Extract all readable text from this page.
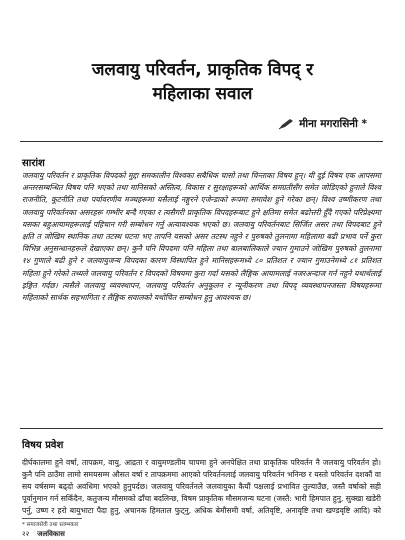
जलवायु परिवर्तन, प्राकृतिक विपद् र
महिलाका सवाल
मीना मगरासिनी *
सारांश
जलवायु परिवर्तन र प्राकृतिक विपदको मुद्दा समकालीन विश्वका सबैधिक चासो तथा चिन्ताका विषय हुन्। यी दुई विषय एक आपसमा अन्तरसम्बन्धित विषय पनि भएको तथा मानिसको अस्तित्व, विकास र सुरक्षाहरूको आर्थिक समग्रतीसँग समेत जोडिएको हुनाले विश्व राजनीति, कूटनीति तथा पर्यावरणीय मञ्चहरूमा यसैलाई नङ्गुरने एजेन्डाको रूपमा समावेश हुने गरेका छन्। विश्व उष्णीकरण तथा जलवायु परिवर्तनका असरहरू गम्भीर बन्दै गएका र त्यसैगरी प्राकृतिक विपदहरूबाट हुने क्षतिमा समेत बढोत्तरी हुँदै गएको परिप्रेक्ष्यमा यसका बहुआयामहरूलाई पहिचान गरी सम्बोधन गर्नु अत्यावश्यक भएको छ। जलवायु परिवर्तनबाट सिर्जित असर तथा विपदबाट हुने क्षति त जोखिम स्थानिक तथा तटस्थ घटना भए तापनि यसको असर तटस्थ नहुने र पुरुषको तुलनामा महिलामा बढी प्रभाव पर्ने कुरा विभिन्न अनुसन्धानहरूले देखाएका छन्। कुनै पनि विपदमा पनि महिला तथा बालबालिकाले ज्यान गुमाउने जोखिम पुरुषको तुलनामा १४ गुणाले बढी हुने र जलवायुजन्य विपदका कारण विस्थापित हुने मानिसहरूमध्ये ८० प्रतिशत र ज्यान गुमाउनेमध्ये ८१ प्रतिशत महिला हुने गरेको तथ्यले जलवायु परिवर्तन र विपदको विषयमा कुरा गर्दा यसको लैङ्गिक आयामलाई नजरअन्दाज गर्न नहुने यथार्थलाई इङ्गित गर्दछ। त्यसैले जलवायु व्यवस्थापन, जलवायु परिवर्तन अनुकूलन र न्यूनीकरण तथा विपद् व्यवस्थापनजस्ता विषयहरूमा महिलाको सार्थक सहभागिता र लैङ्गिक सवालको यथोचित सम्बोधन हुनु आवश्यक छ।
विषय प्रवेश
दीर्घकालमा हुने वर्षा, तापक्रम, वायु, आद्रता र वायुमण्डलीय चापमा हुने अनपेक्षित तथा प्राकृतिक परिवर्तन नै जलवायु परिवर्तन हो। कुनै पनि ठाउँमा लामो समयसम्म औसत वर्षा र तापक्रममा आएको परिवर्तनलाई जलवायु परिवर्तन भनिन्छ र यस्तो परिवर्तन दशकौं वा सय वर्षसम्म बढ्दो अवधिमा भएको हुनुपर्दछ। जलवायु परिवर्तनले जलवायुका कैयौं पक्षलाई प्रभावित तुल्याउँछ, जस्तै वर्षाको सही पूर्वानुमान गर्न सकिँदैन, कतुजन्य मौसमको ढाँचा बदलिन्छ, विषम प्राकृतिक मौसमजन्य घटना (जस्तै: भारी हिमपात हुनु, सुक्खा खडेरी पर्नु, उष्ण र हरो बायुभाटा पैदा हुनु, अचानक हिमताल फुट्नु, अधिक बेमौसमी वर्षा, अतिवृष्टि, अनावृष्टि तथा खण्डवृष्टि आदि) को
* समाजसेवी तथा स्तम्भकार
२२ जलविकास
